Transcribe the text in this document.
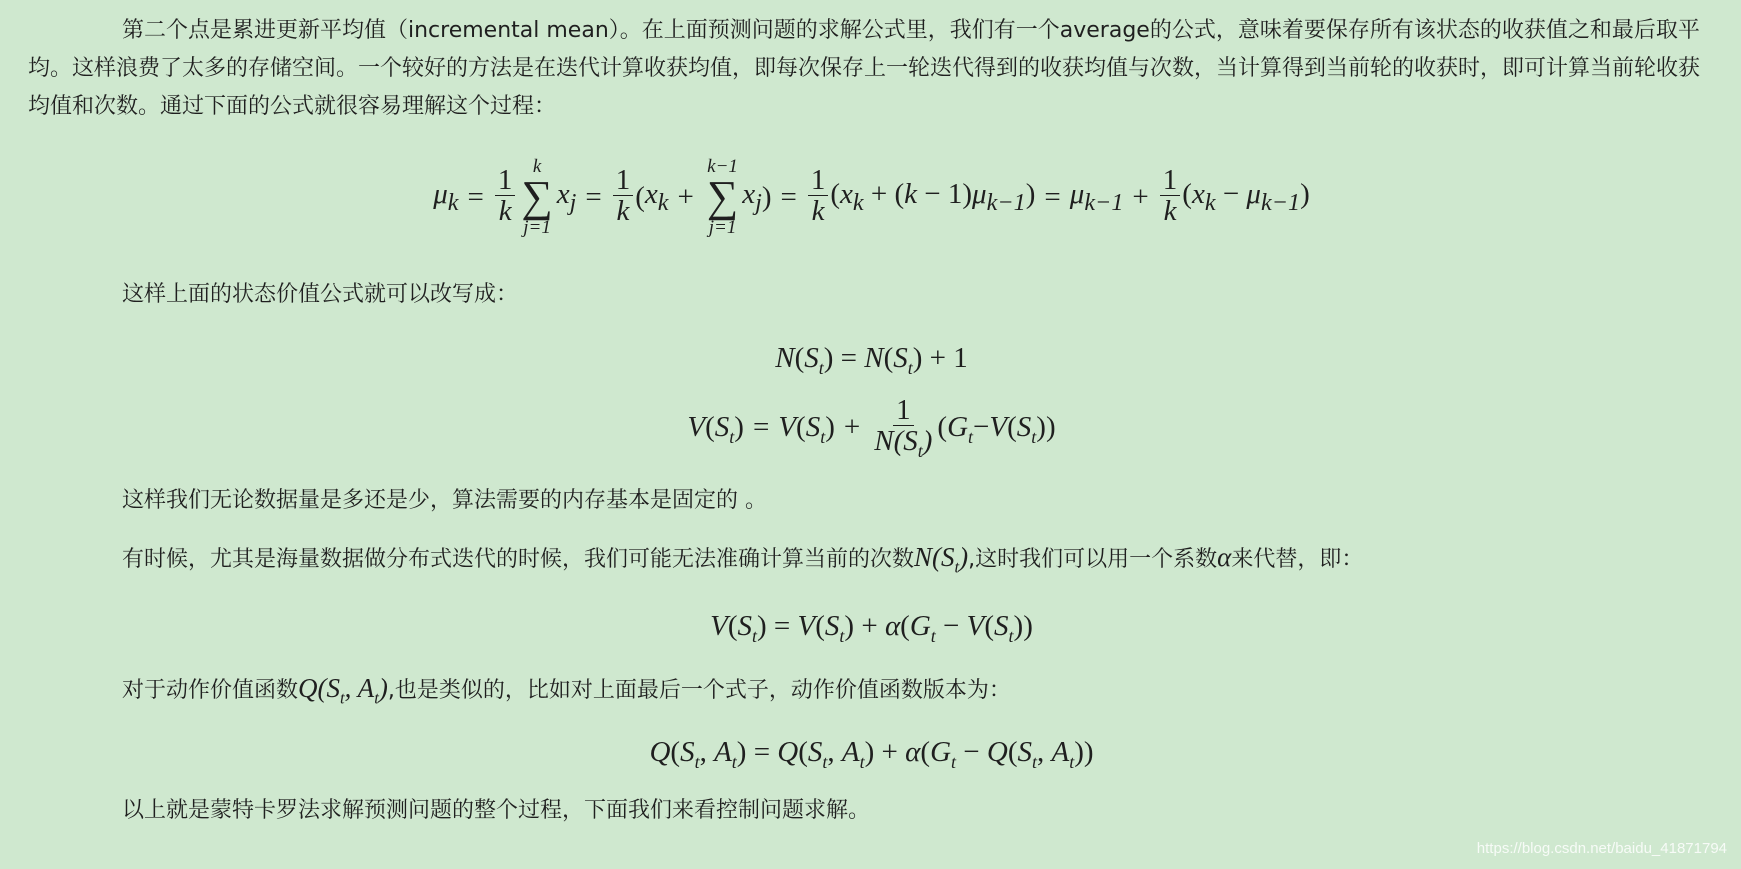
第二个点是累进更新平均值（incremental mean）。在上面预测问题的求解公式里，我们有一个average的公式，意味着要保存所有该状态的收获值之和最后取平均。这样浪费了太多的存储空间。一个较好的方法是在迭代计算收获均值，即每次保存上一轮迭代得到的收获均值与次数，当计算得到当前轮的收获时，即可计算当前轮收获均值和次数。通过下面的公式就很容易理解这个过程：

$\mu_k = \frac{1}{k}$ k
∑
j=1
$x_j = \frac{1}{k}$ ( $x_k$ +
k−1
∑
j=1
$x_j$ ) = $\frac{1}{k} (x_k + (k - 1)\mu_{k-1}) = \mu_{k-1} + \frac{1}{k} (x_k - \mu_{k-1})$

这样上面的状态价值公式就可以改写成：

$N(S_t) = N(S_t) + 1$
V ( $S_t$ ) = V ( $S_t$ ) + $\frac{1}{N(S_t)}$ ( $G_t - V$ ( $S_t$ ))

这样我们无论数据量是多还是少，算法需要的内存基本是固定的 。

有时候，尤其是海量数据做分布式迭代的时候，我们可能无法准确计算当前的次数$N(S_t)$,这时我们可以用一个系数α来代替，即：

$V(S_t) = V(S_t) + \alpha(G_t - V(S_t))$

对于动作价值函数$Q(S_t$, $A_t$),也是类似的，比如对上面最后一个式子，动作价值函数版本为：

$Q(S_t$, $A_t) = Q(S_t$, $A_t) + \alpha(G_t - Q(S_t$, $A_t$))

以上就是蒙特卡罗法求解预测问题的整个过程，下面我们来看控制问题求解。

https://blog.csdn.net/baidu_41871794
